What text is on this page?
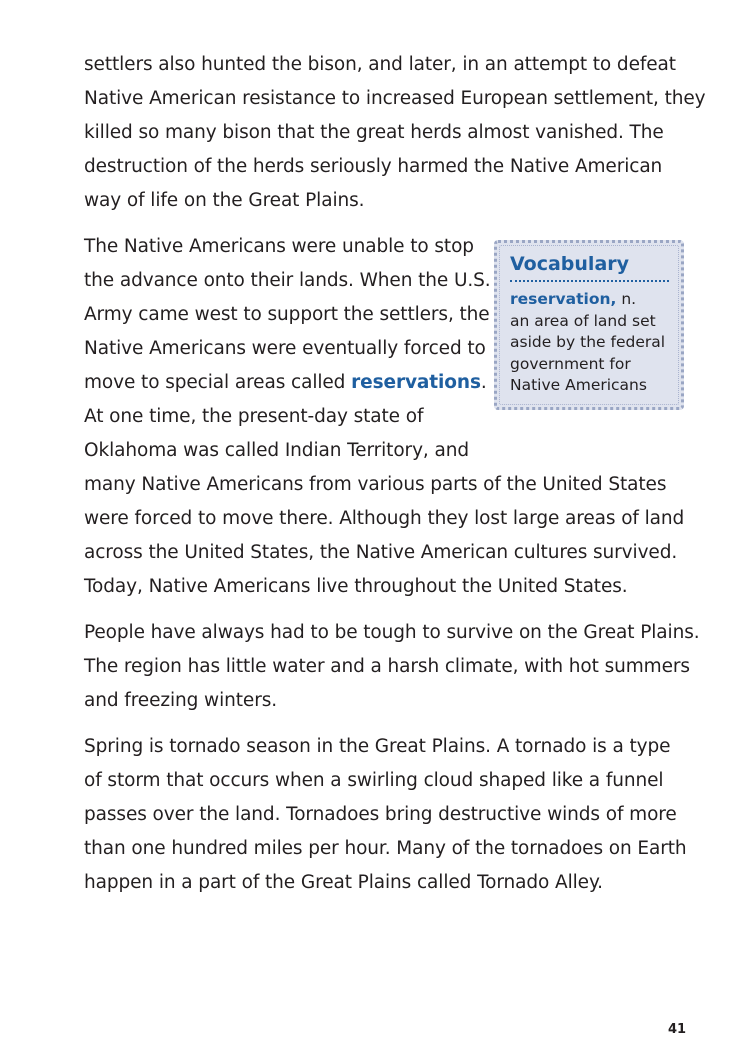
settlers also hunted the bison, and later, in an attempt to defeat
Native American resistance to increased European settlement, they
killed so many bison that the great herds almost vanished. The
destruction of the herds seriously harmed the Native American
way of life on the Great Plains.
The Native Americans were unable to stop
the advance onto their lands. When the U.S.
Army came west to support the settlers, the
Native Americans were eventually forced to
move to special areas called reservations.
At one time, the present-day state of
Oklahoma was called Indian Territory, and
many Native Americans from various parts of the United States
were forced to move there. Although they lost large areas of land
across the United States, the Native American cultures survived.
Today, Native Americans live throughout the United States.
People have always had to be tough to survive on the Great Plains.
The region has little water and a harsh climate, with hot summers
and freezing winters.
Spring is tornado season in the Great Plains. A tornado is a type
of storm that occurs when a swirling cloud shaped like a funnel
passes over the land. Tornadoes bring destructive winds of more
than one hundred miles per hour. Many of the tornadoes on Earth
happen in a part of the Great Plains called Tornado Alley.
Vocabulary
reservation, n.
an area of land set
aside by the federal
government for
Native Americans
41
